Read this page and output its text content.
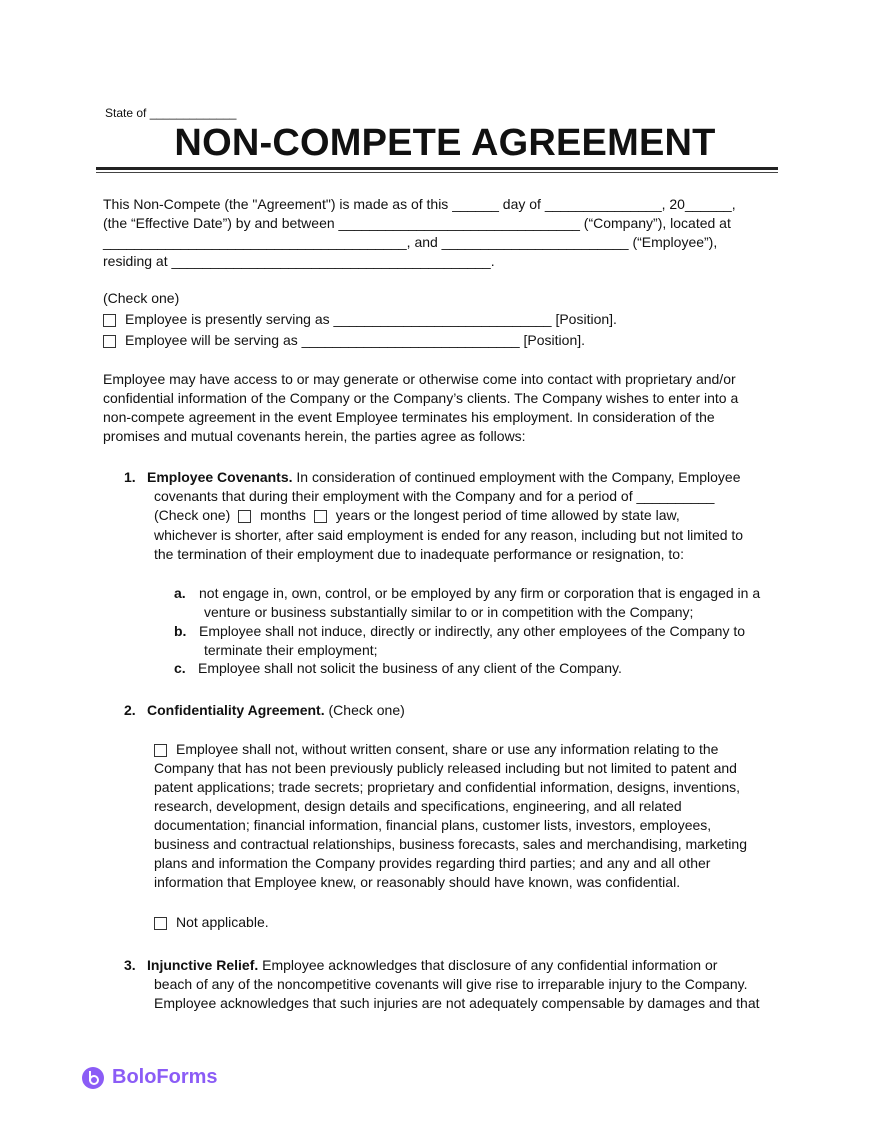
State of _____________
NON-COMPETE AGREEMENT
This Non-Compete (the "Agreement") is made as of this ______ day of _______________, 20______,
(the “Effective Date”) by and between _______________________________ (“Company”), located at
_______________________________________, and ________________________ (“Employee”),
residing at _________________________________________.
(Check one)
Employee is presently serving as ____________________________ [Position].
Employee will be serving as ____________________________ [Position].
Employee may have access to or may generate or otherwise come into contact with proprietary and/or
confidential information of the Company or the Company’s clients. The Company wishes to enter into a
non-compete agreement in the event Employee terminates his employment. In consideration of the
promises and mutual covenants herein, the parties agree as follows:
1. Employee Covenants. In consideration of continued employment with the Company, Employee
covenants that during their employment with the Company and for a period of __________
(Check one) months years or the longest period of time allowed by state law,
whichever is shorter, after said employment is ended for any reason, including but not limited to
the termination of their employment due to inadequate performance or resignation, to:
a. not engage in, own, control, or be employed by any firm or corporation that is engaged in a
venture or business substantially similar to or in competition with the Company;
b. Employee shall not induce, directly or indirectly, any other employees of the Company to
terminate their employment;
c. Employee shall not solicit the business of any client of the Company.
2. Confidentiality Agreement. (Check one)
Employee shall not, without written consent, share or use any information relating to the
Company that has not been previously publicly released including but not limited to patent and
patent applications; trade secrets; proprietary and confidential information, designs, inventions,
research, development, design details and specifications, engineering, and all related
documentation; financial information, financial plans, customer lists, investors, employees,
business and contractual relationships, business forecasts, sales and merchandising, marketing
plans and information the Company provides regarding third parties; and any and all other
information that Employee knew, or reasonably should have known, was confidential.
Not applicable.
3. Injunctive Relief. Employee acknowledges that disclosure of any confidential information or
beach of any of the noncompetitive covenants will give rise to irreparable injury to the Company.
Employee acknowledges that such injuries are not adequately compensable by damages and that
BoloForms
